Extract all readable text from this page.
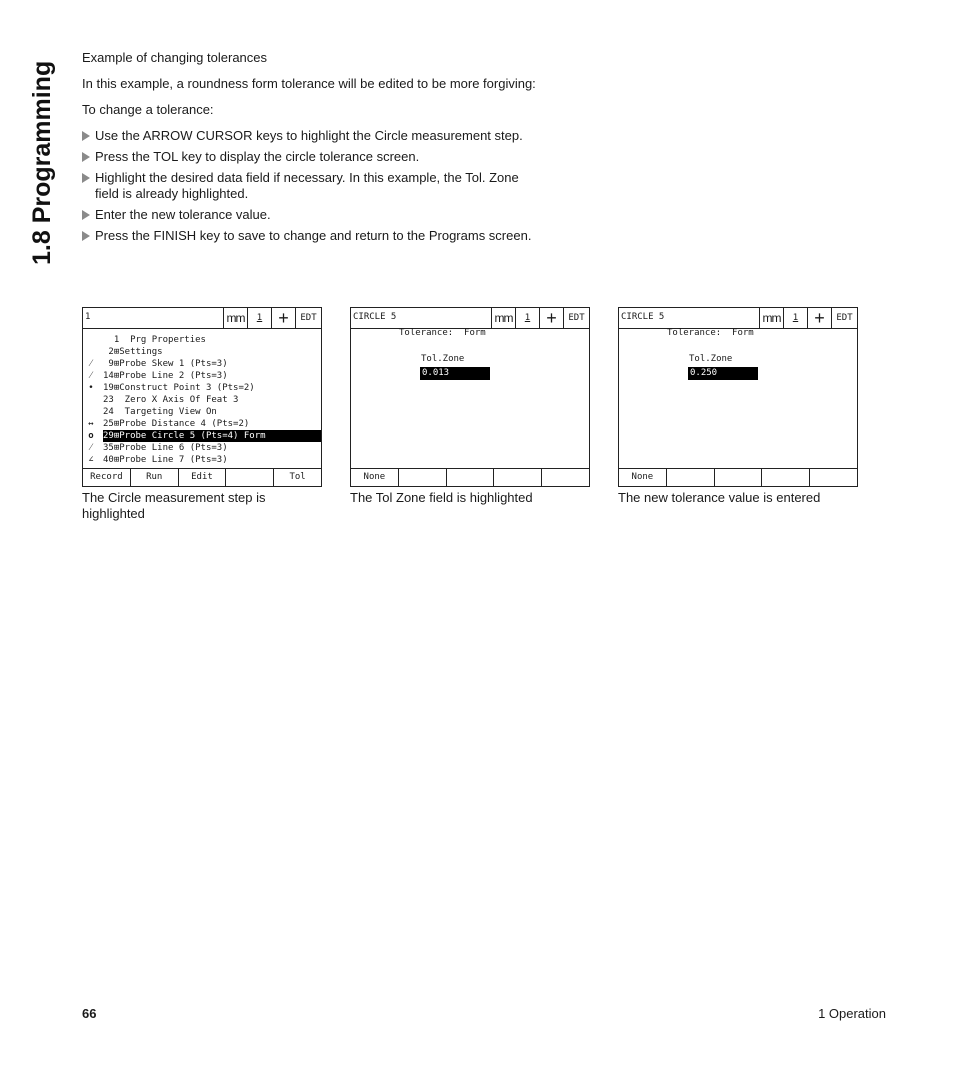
1.8 Programming

Example of changing tolerances

In this example, a roundness form tolerance will be edited to be more forgiving:

To change a tolerance:

Use the ARROW CURSOR keys to highlight the Circle measurement step.
Press the TOL key to display the circle tolerance screen.
Highlight the desired data field if necessary. In this example, the Tol. Zone field is already highlighted.
Enter the new tolerance value.
Press the FINISH key to save to change and return to the Programs screen.
1	mm	1 +	EDT
1  Prg Properties
2⊞Settings
⁄	9⊞Probe Skew 1 (Pts=3)
⁄	14⊞Probe Line 2 (Pts=3)
•	19⊞Construct Point 3 (Pts=2)
23  Zero X Axis Of Feat 3
24  Targeting View On
↔	25⊞Probe Distance 4 (Pts=2)
o	29⊞Probe Circle 5 (Pts=4) Form
⁄	35⊞Probe Line 6 (Pts=3)
∠	40⊞Probe Line 7 (Pts=3)
Record	Run	Edit	Tol
The Circle measurement step is highlighted
CIRCLE 5	mm	1 +	EDT
Tolerance:  Form
Tol.Zone
0.013
None
The Tol Zone field is highlighted
CIRCLE 5	mm	1 +	EDT
Tolerance:  Form
Tol.Zone
0.250
None
The new tolerance value is entered
66	1 Operation
